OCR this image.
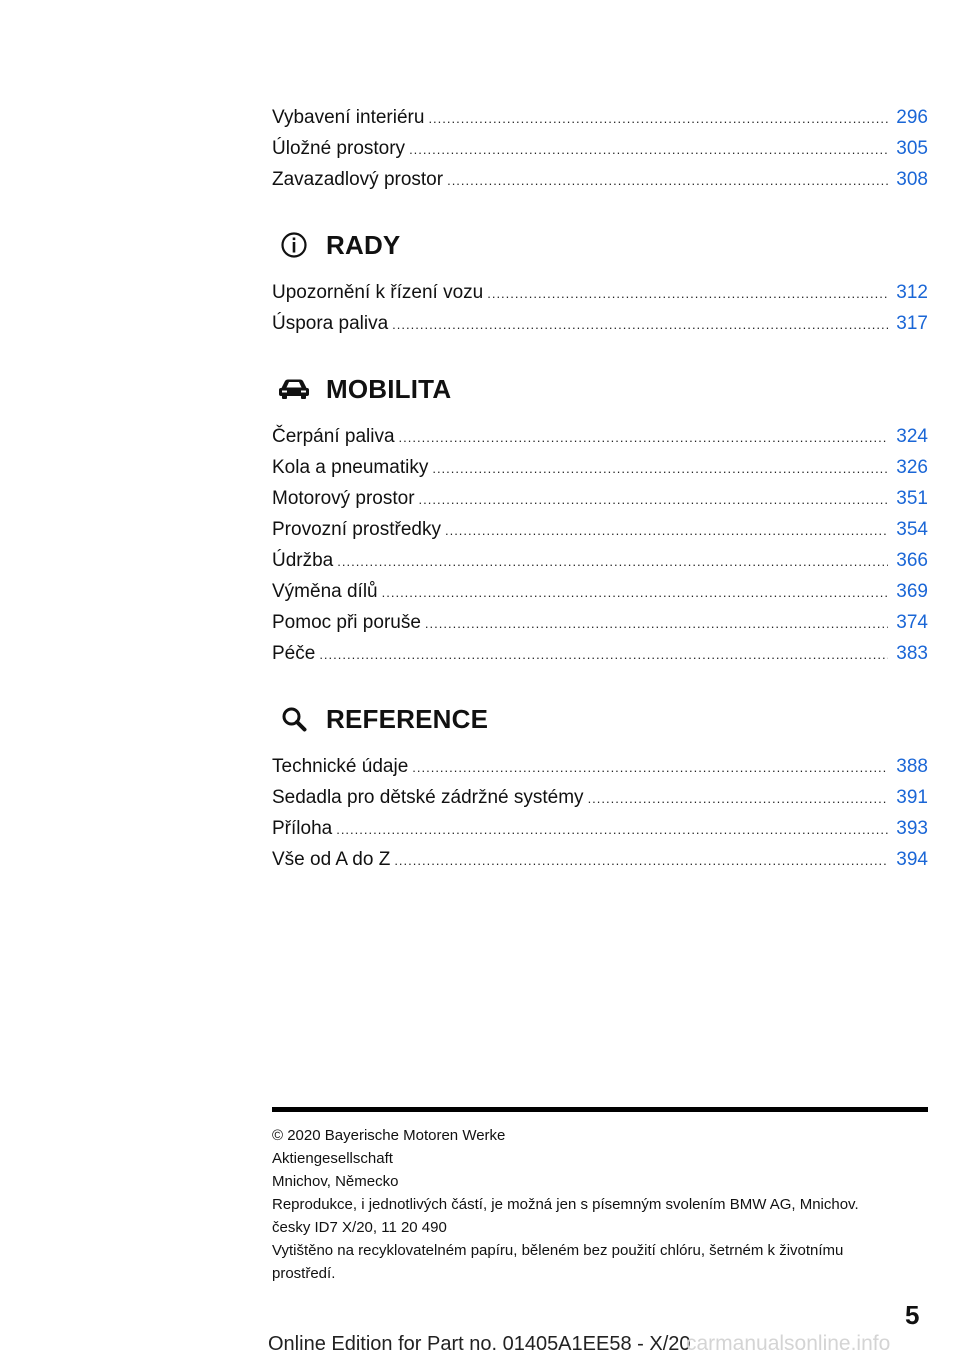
Vybavení interiéru .....	296
Úložné prostory .....	305
Zavazadlový prostor .....	308
RADY
Upozornění k řízení vozu .....	312
Úspora paliva .....	317
MOBILITA
Čerpání paliva .....	324
Kola a pneumatiky .....	326
Motorový prostor .....	351
Provozní prostředky .....	354
Údržba .....	366
Výměna dílů .....	369
Pomoc při poruše .....	374
Péče .....	383
REFERENCE
Technické údaje .....	388
Sedadla pro dětské zádržné systémy .....	391
Příloha .....	393
Vše od A do Z .....	394
© 2020 Bayerische Motoren Werke
Aktiengesellschaft
Mnichov, Německo
Reprodukce, i jednotlivých částí, je možná jen s písemným svolením BMW AG, Mnichov.
česky ID7 X/20, 11 20 490
Vytištěno na recyklovatelném papíru, běleném bez použití chlóru, šetrném k životnímu
prostředí.
5
Online Edition for Part no. 01405A1EE58 - X/20
carmanualsonline.info
